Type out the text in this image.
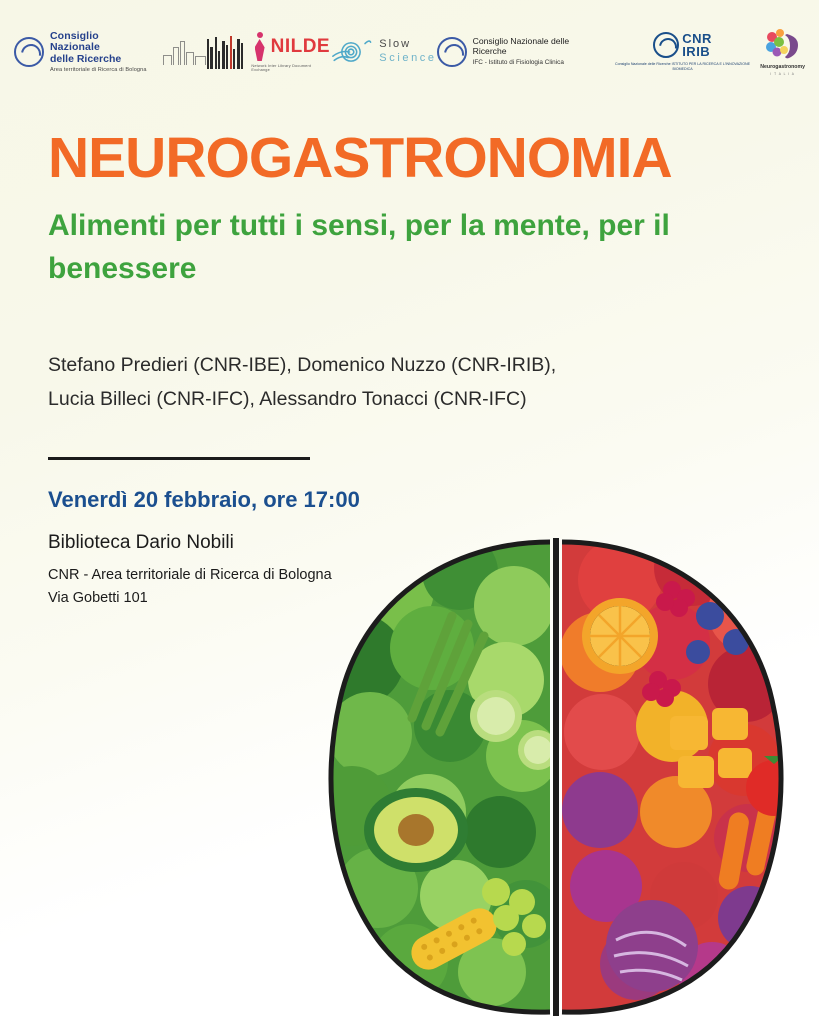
Consiglio Nazionale
delle Ricerche
Area territoriale di Ricerca di Bologna
NILDE
Network Inter Library Document Exchange
Slow
Science
Consiglio Nazionale delle Ricerche
IFC - Istituto di Fisiologia Clinica
CNR
IRIB
Consiglio Nazionale delle Ricerche ISTITUTO PER LA RICERCA E L'INNOVAZIONE BIOMEDICA	Neurogastronomy
I T A L I A
NEUROGASTRONOMIA
Alimenti per tutti i sensi, per la mente, per il benessere
Stefano Predieri (CNR-IBE), Domenico Nuzzo (CNR-IRIB),
Lucia Billeci (CNR-IFC), Alessandro Tonacci (CNR-IFC)
Venerdì 20 febbraio, ore 17:00
Biblioteca Dario Nobili
CNR - Area territoriale di Ricerca di Bologna
Via Gobetti 101
